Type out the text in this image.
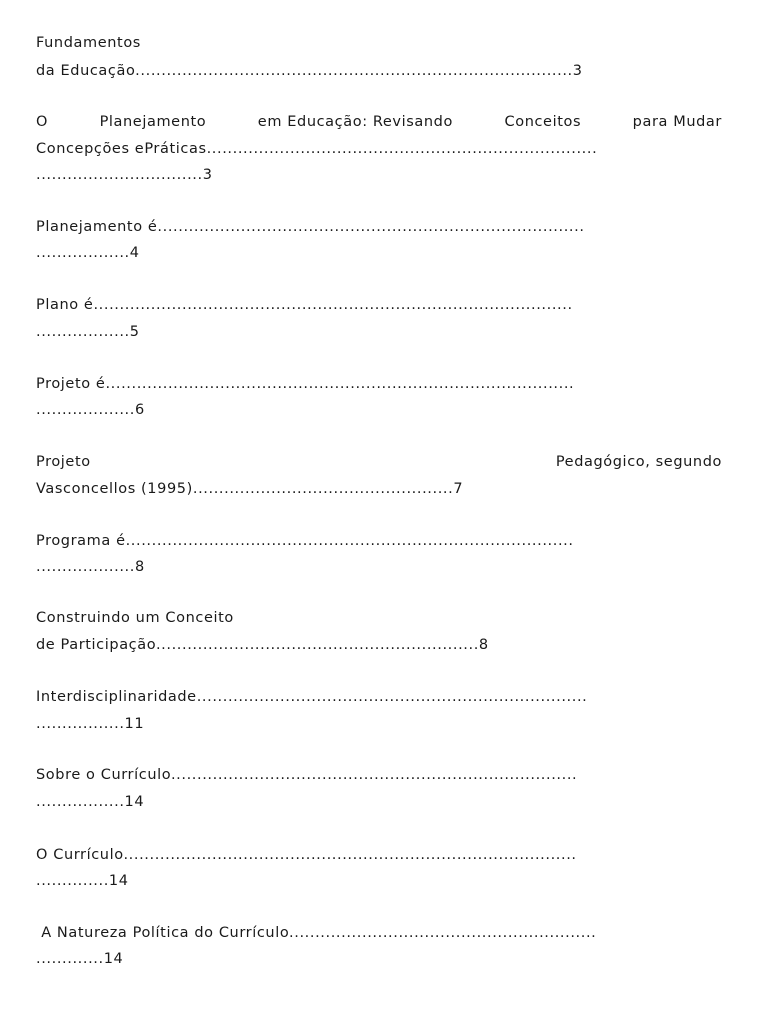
Fundamentos
da Educação....................................................................................3
O	Planejamento	em Educação: Revisando	Conceitos	para Mudar
Concepções ePráticas...........................................................................
................................3
Planejamento é..................................................................................
..................4
Plano é............................................................................................
..................5
Projeto é..........................................................................................
...................6
Projeto	Pedagógico, segundo
Vasconcellos (1995)..................................................7
Programa é......................................................................................
...................8
Construindo um Conceito
de Participação..............................................................8
Interdisciplinaridade...........................................................................
.................11
Sobre o Currículo..............................................................................
.................14
O Currículo.......................................................................................
..............14
A Natureza Política do Currículo...........................................................
.............14
